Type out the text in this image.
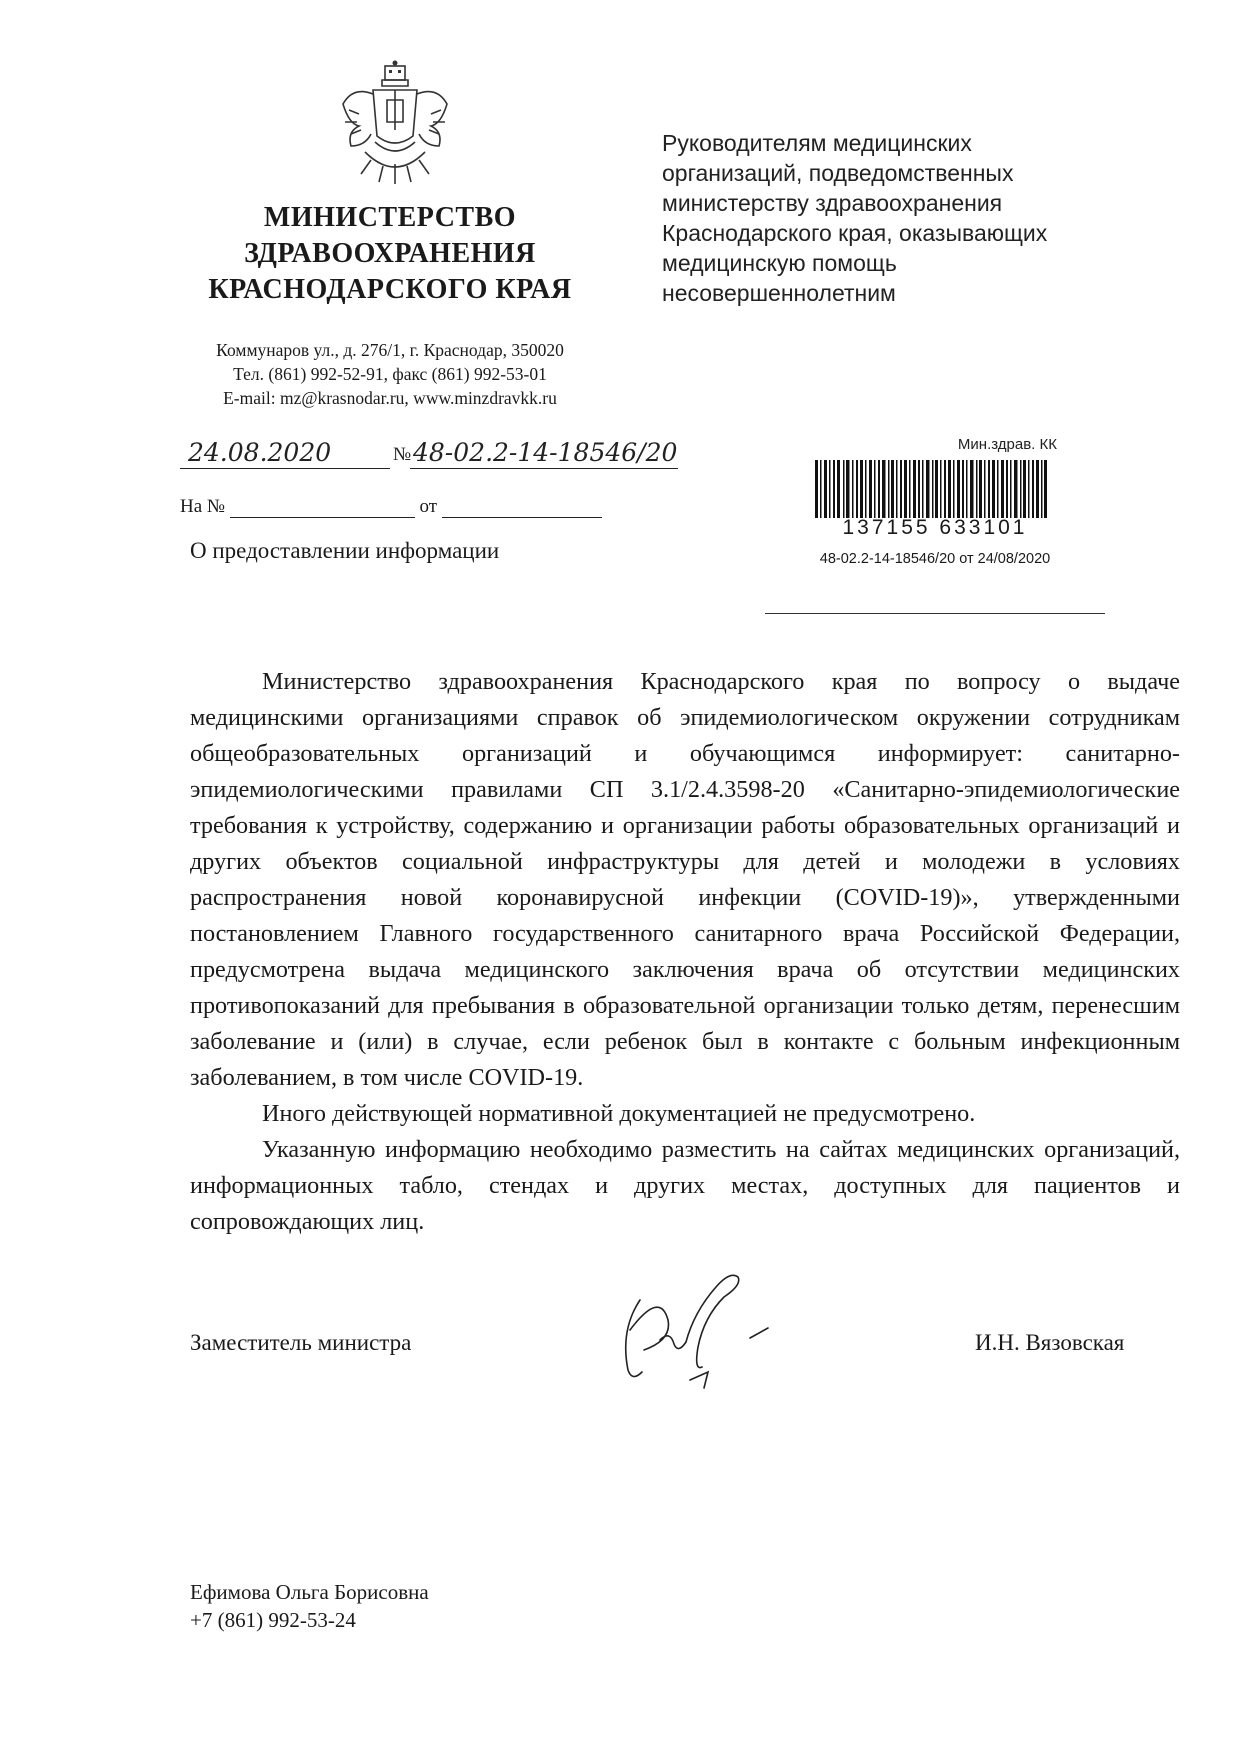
МИНИСТЕРСТВО
ЗДРАВООХРАНЕНИЯ
КРАСНОДАРСКОГО КРАЯ
Коммунаров ул., д. 276/1, г. Краснодар, 350020
Тел. (861) 992-52-91, факс (861) 992-53-01
E-mail: mz@krasnodar.ru, www.minzdravkk.ru
Руководителям медицинских
организаций, подведомственных
министерству здравоохранения
Краснодарского края, оказывающих
медицинскую помощь
несовершеннолетним
24.08.2020	№ 48-02.2-14-18546/20
На №	от
О предоставлении информации
Мин.здрав. КК
137155 633101
48-02.2-14-18546/20 от 24/08/2020

Министерство здравоохранения Краснодарского края по вопросу о выдаче медицинскими организациями справок об эпидемиологическом окружении сотрудникам общеобразовательных организаций и обучающимся информирует: санитарно-эпидемиологическими правилами СП 3.1/2.4.3598-20 «Санитарно-эпидемиологические требования к устройству, содержанию и организации работы образовательных организаций и других объектов социальной инфраструктуры для детей и молодежи в условиях распространения новой коронавирусной инфекции (COVID-19)», утвержденными постановлением Главного государственного санитарного врача Российской Федерации, предусмотрена выдача медицинского заключения врача об отсутствии медицинских противопоказаний для пребывания в образовательной организации только детям, перенесшим заболевание и (или) в случае, если ребенок был в контакте с больным инфекционным заболеванием, в том числе COVID-19.

Иного действующей нормативной документацией не предусмотрено.

Указанную информацию необходимо разместить на сайтах медицинских организаций, информационных табло, стендах и других местах, доступных для пациентов и сопровождающих лиц.

Заместитель министра	И.Н. Вязовская
Ефимова Ольга Борисовна
+7 (861) 992-53-24
